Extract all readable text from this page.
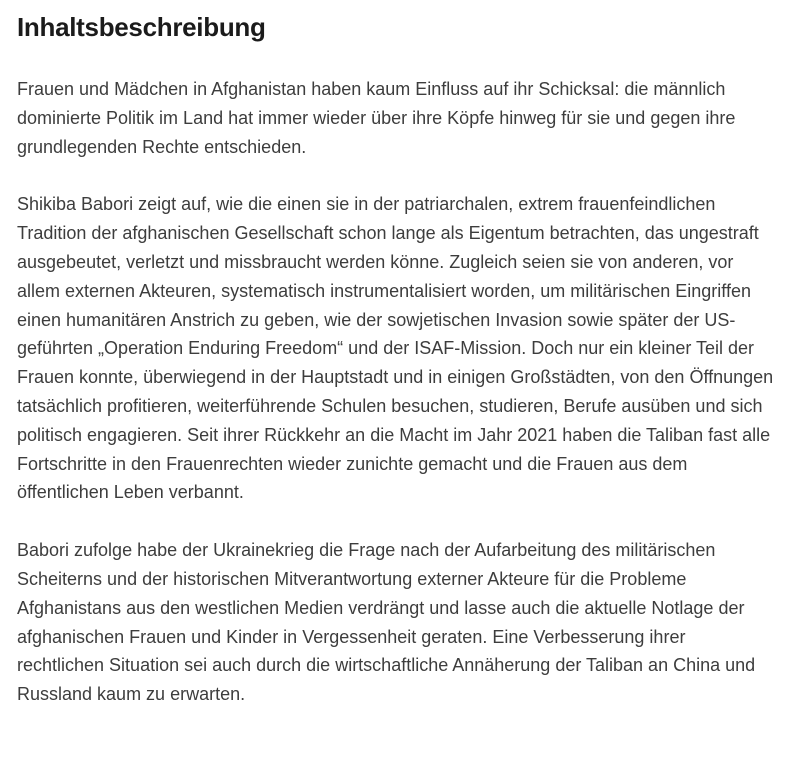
Inhaltsbeschreibung

Frauen und Mädchen in Afghanistan haben kaum Einfluss auf ihr Schicksal: die männlich dominierte Politik im Land hat immer wieder über ihre Köpfe hinweg für sie und gegen ihre grundlegenden Rechte entschieden.

Shikiba Babori zeigt auf, wie die einen sie in der patriarchalen, extrem frauenfeindlichen Tradition der afghanischen Gesellschaft schon lange als Eigentum betrachten, das ungestraft ausgebeutet, verletzt und missbraucht werden könne. Zugleich seien sie von anderen, vor allem externen Akteuren, systematisch instrumentalisiert worden, um militärischen Eingriffen einen humanitären Anstrich zu geben, wie der sowjetischen Invasion sowie später der US-geführten „Operation Enduring Freedom“ und der ISAF-Mission. Doch nur ein kleiner Teil der Frauen konnte, überwiegend in der Hauptstadt und in einigen Großstädten, von den Öffnungen tatsächlich profitieren, weiterführende Schulen besuchen, studieren, Berufe ausüben und sich politisch engagieren. Seit ihrer Rückkehr an die Macht im Jahr 2021 haben die Taliban fast alle Fortschritte in den Frauenrechten wieder zunichte gemacht und die Frauen aus dem öffentlichen Leben verbannt.

Babori zufolge habe der Ukrainekrieg die Frage nach der Aufarbeitung des militärischen Scheiterns und der historischen Mitverantwortung externer Akteure für die Probleme Afghanistans aus den westlichen Medien verdrängt und lasse auch die aktuelle Notlage der afghanischen Frauen und Kinder in Vergessenheit geraten. Eine Verbesserung ihrer rechtlichen Situation sei auch durch die wirtschaftliche Annäherung der Taliban an China und Russland kaum zu erwarten.
